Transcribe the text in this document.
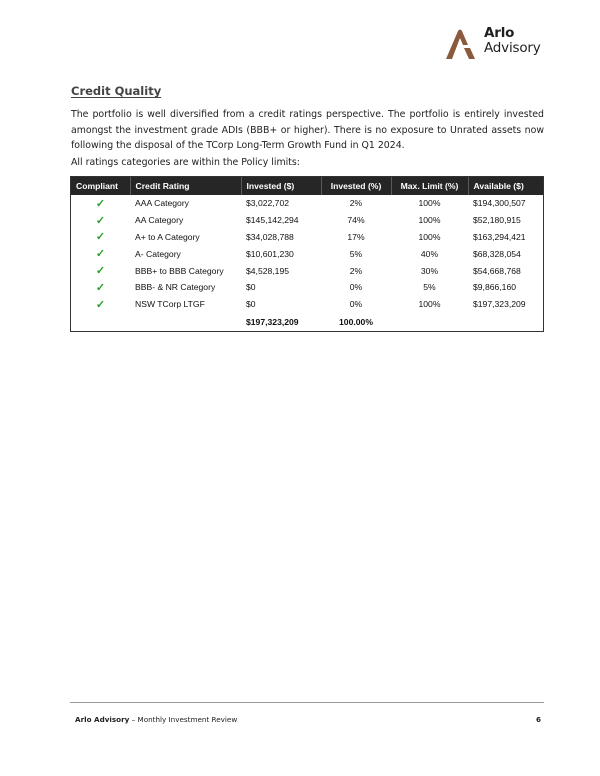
Arlo
Advisory
Credit Quality

The portfolio is well diversified from a credit ratings perspective. The portfolio is entirely invested amongst the investment grade ADIs (BBB+ or higher). There is no exposure to Unrated assets now following the disposal of the TCorp Long-Term Growth Fund in Q1 2024.

All ratings categories are within the Policy limits:

Compliant	Credit Rating	Invested ($)	Invested (%)	Max. Limit (%)	Available ($)
✓	AAA Category	$3,022,702	2%	100%	$194,300,507
✓	AA Category	$145,142,294	74%	100%	$52,180,915
✓	A+ to A Category	$34,028,788	17%	100%	$163,294,421
✓	A- Category	$10,601,230	5%	40%	$68,328,054
✓	BBB+ to BBB Category	$4,528,195	2%	30%	$54,668,768
✓	BBB- & NR Category	$0	0%	5%	$9,866,160
✓	NSW TCorp LTGF	$0	0%	100%	$197,323,209
		$197,323,209	100.00%		
Arlo Advisory – Monthly Investment Review	6
